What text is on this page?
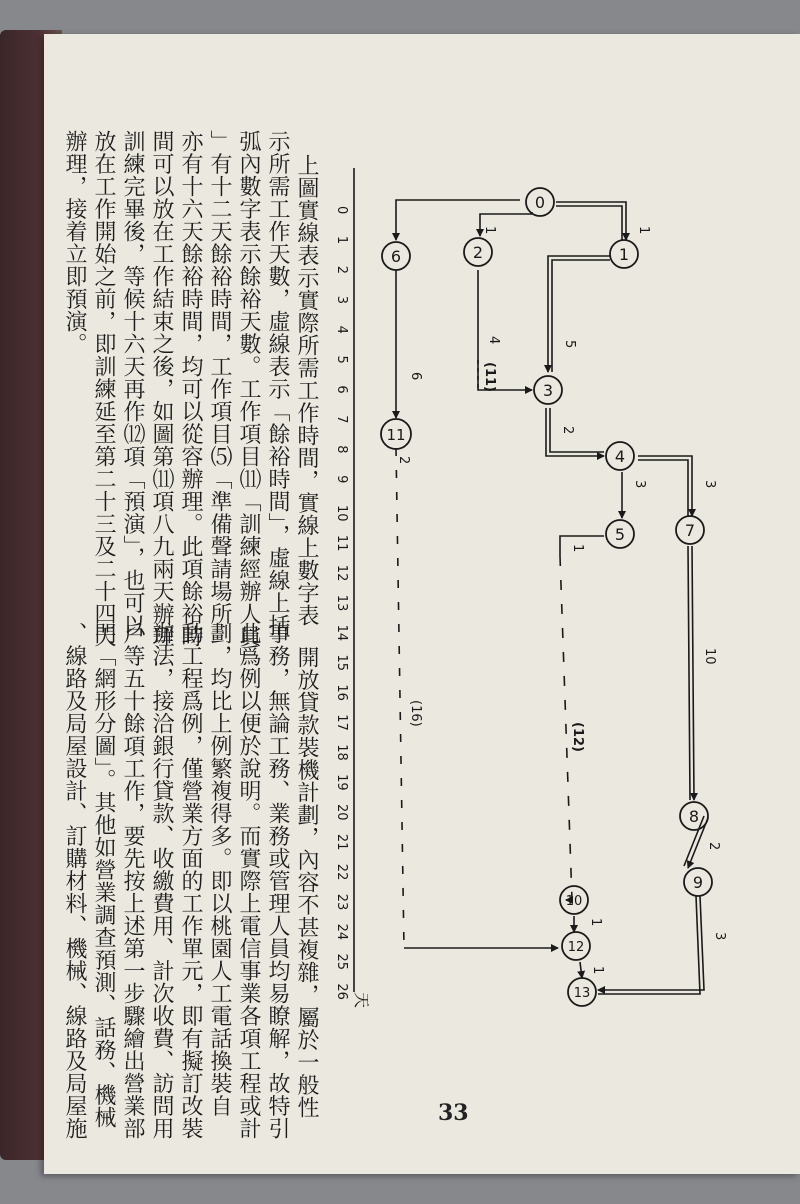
上圖實線表示實際所需工作時間，實線上數字表
示所需工作天數，虛線表示「餘裕時間」，虛線上括
弧內數字表示餘裕天數。工作項目⑾「訓練經辦人員」
」有十二天餘裕時間，工作項目⑸「準備聲請場所
亦有十六天餘裕時間，均可以從容辦理。此項餘裕時
間可以放在工作結束之後，如圖第⑾項八九兩天辦理
訓練完畢後，等候十六天再作⑿項「預演」，也可以
放在工作開始之前，即訓練延至第二十三及二十四天
辦理，接着立即預演。
開放貸款裝機計劃，內容不甚複雜，屬於一般性
事務，無論工務、業務或管理人員均易瞭解，故特引
此爲例以便於說明。而實際上電信事業各項工程或計
劃，均比上例繁複得多。即以桃園人工電話換裝自
動工程爲例，僅營業方面的工作單元，即有擬訂改裝
辦法，接洽銀行貸款、收繳費用、計次收費、訪問用
戶等五十餘項工作，要先按上述第一步驟繪出營業部
門「網形分圖」。其他如營業調查預測、話務、機械
、線路及局屋設計、訂購材料、機械、線路及局屋施	33
天
0
1
2
3
4
5
6
7
8
9
10
11
12
13
14
15
16
17
18
19
20
21
22
23
24
25
26
0
1
2
6
11
3
4
5	7
8
9
10
12
13
1
1
4	5
6
2
2
3
3
1
10
2
3
1
1
(11)
(12)
(16)
